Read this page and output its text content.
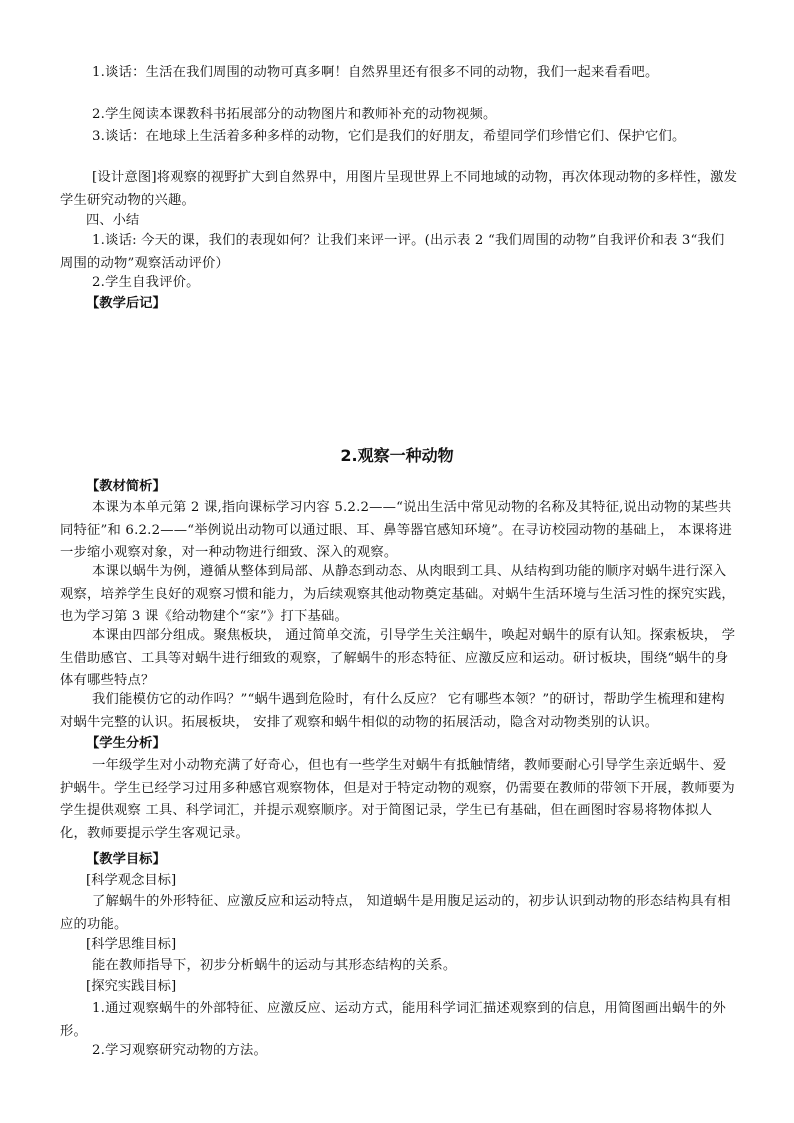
1.谈话：生活在我们周围的动物可真多啊！自然界里还有很多不同的动物，我们一起来看看吧。

2.学生阅读本课教科书拓展部分的动物图片和教师补充的动物视频。

3.谈话：在地球上生活着多种多样的动物，它们是我们的好朋友，希望同学们珍惜它们、保护它们。

[设计意图]将观察的视野扩大到自然界中，用图片呈现世界上不同地域的动物，再次体现动物的多样性，激发学生研究动物的兴趣。

四、小结

1.谈话: 今天的课，我们的表现如何？让我们来评一评。(出示表 2 “我们周围的动物”自我评价和表 3“我们周围的动物”观察活动评价）

2.学生自我评价。

【教学后记】

2.观察一种动物

【教材简析】

本课为本单元第 2 课,指向课标学习内容 5.2.2——“说出生活中常见动物的名称及其特征,说出动物的某些共同特征”和 6.2.2——“举例说出动物可以通过眼、耳、鼻等器官感知环境”。在寻访校园动物的基础上， 本课将进一步缩小观察对象，对一种动物进行细致、深入的观察。

本课以蜗牛为例，遵循从整体到局部、从静态到动态、从肉眼到工具、从结构到功能的顺序对蜗牛进行深入观察，培养学生良好的观察习惯和能力，为后续观察其他动物奠定基础。对蜗牛生活环境与生活习性的探究实践，也为学习第 3 课《给动物建个“家”》打下基础。

本课由四部分组成。聚焦板块， 通过简单交流，引导学生关注蜗牛，唤起对蜗牛的原有认知。探索板块， 学生借助感官、工具等对蜗牛进行细致的观察，了解蜗牛的形态特征、应激反应和运动。研讨板块，围绕“蜗牛的身体有哪些特点？

我们能模仿它的动作吗？”“蜗牛遇到危险时，有什么反应？ 它有哪些本领？”的研讨，帮助学生梳理和建构对蜗牛完整的认识。拓展板块， 安排了观察和蜗牛相似的动物的拓展活动，隐含对动物类别的认识。

【学生分析】

一年级学生对小动物充满了好奇心，但也有一些学生对蜗牛有抵触情绪，教师要耐心引导学生亲近蜗牛、爱护蜗牛。学生已经学习过用多种感官观察物体，但是对于特定动物的观察，仍需要在教师的带领下开展，教师要为学生提供观察 工具、科学词汇，并提示观察顺序。对于简图记录，学生已有基础，但在画图时容易将物体拟人化，教师要提示学生客观记录。

【教学目标】

[科学观念目标]

了解蜗牛的外形特征、应激反应和运动特点， 知道蜗牛是用腹足运动的，初步认识到动物的形态结构具有相应的功能。

[科学思维目标]

能在教师指导下，初步分析蜗牛的运动与其形态结构的关系。

[探究实践目标]

1.通过观察蜗牛的外部特征、应激反应、运动方式，能用科学词汇描述观察到的信息，用简图画出蜗牛的外形。

2.学习观察研究动物的方法。
